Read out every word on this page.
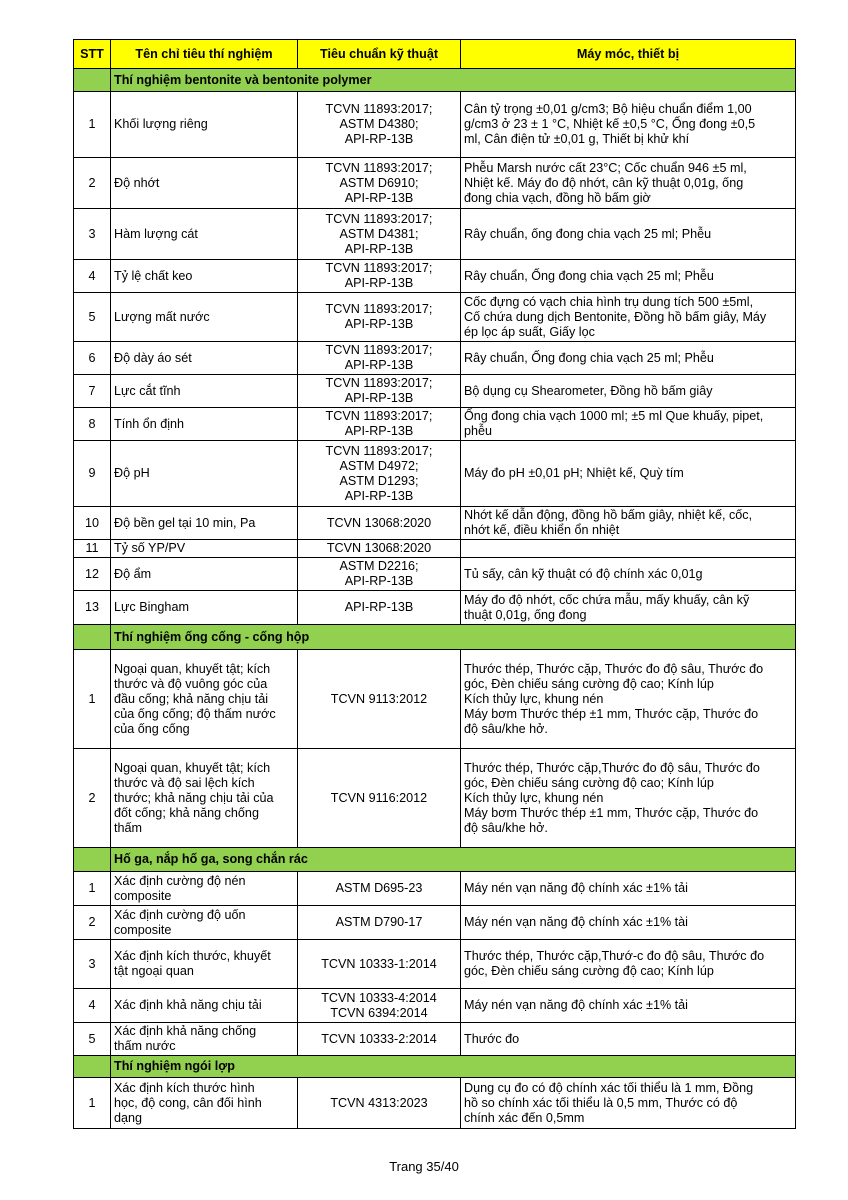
STT	Tên chỉ tiêu thí nghiệm	Tiêu chuẩn kỹ thuật	Máy móc, thiết bị
	Thí nghiệm bentonite và bentonite polymer		
1	Khối lượng riêng	TCVN 11893:2017;
ASTM D4380;
API-RP-13B	Cân tỷ trọng ±0,01 g/cm3; Bộ hiệu chuẩn điểm 1,00
g/cm3 ở 23 ± 1 °C, Nhiệt kế ±0,5 °C, Ống đong ±0,5
ml, Cân điện tử ±0,01 g, Thiết bị khử khí

2	Độ nhớt	TCVN 11893:2017;
ASTM D6910;
API-RP-13B	Phễu Marsh nước cất 23°C; Cốc chuẩn 946 ±5 ml,
Nhiệt kế. Máy đo độ nhớt, cân kỹ thuật 0,01g, ống
đong chia vạch, đồng hồ bấm giờ

3	Hàm lượng cát	TCVN 11893:2017;
ASTM D4381;
API-RP-13B	Rây chuẩn, ống đong chia vạch 25 ml; Phễu

4	Tỷ lệ chất keo	TCVN 11893:2017;
API-RP-13B	Rây chuẩn, Ống đong chia vạch 25 ml; Phễu

5	Lượng mất nước	TCVN 11893:2017;
API-RP-13B	Cốc đựng có vạch chia hình trụ dung tích 500 ±5ml,
Cố chứa dung dịch Bentonite, Đồng hồ bấm giây, Máy
ép lọc áp suất, Giấy lọc

6	Độ dày áo sét	TCVN 11893:2017;
API-RP-13B	Rây chuẩn, Ống đong chia vạch 25 ml; Phễu

7	Lực cắt tĩnh	TCVN 11893:2017;
API-RP-13B	Bộ dụng cụ Shearometer, Đồng hồ bấm giây

8	Tính ổn định	TCVN 11893:2017;
API-RP-13B	Ống đong chia vạch 1000 ml; ±5 ml Que khuấy, pipet,
phễu

9	Độ pH	TCVN 11893:2017;
ASTM D4972;
ASTM D1293;
API-RP-13B	Máy đo pH ±0,01 pH; Nhiệt kế, Quỳ tím

10	Độ bền gel tại 10 min, Pa	TCVN 13068:2020	Nhớt kế dẫn động, đồng hồ bấm giây, nhiệt kế, cốc,
nhớt kế, điều khiển ổn nhiệt

11	Tỷ số YP/PV	TCVN 13068:2020	

12	Độ ẩm	ASTM D2216;
API-RP-13B	Tủ sấy, cân kỹ thuật có độ chính xác 0,01g

13	Lực Bingham	API-RP-13B	Máy đo độ nhớt, cốc chứa mẫu, mấy khuấy, cân kỹ
thuật 0,01g, ống đong

	Thí nghiệm ống cống - cống hộp		
1	Ngoại quan, khuyết tật; kích
thước và độ vuông góc của
đầu cống; khả năng chịu tải
của ống cống; độ thấm nước
của ống cống	TCVN 9113:2012	Thước thép, Thước cặp, Thước đo độ sâu, Thước đo
góc, Đèn chiếu sáng cường độ cao; Kính lúp
Kích thủy lực, khung nén
Máy bơm Thước thép ±1 mm, Thước cặp, Thước đo
độ sâu/khe hở.

2	Ngoại quan, khuyết tật; kích
thước và độ sai lệch kích
thước; khả năng chịu tải của
đốt cống; khả năng chống
thấm	TCVN 9116:2012	Thước thép, Thước cặp,Thước đo độ sâu, Thước đo
góc, Đèn chiếu sáng cường độ cao; Kính lúp
Kích thủy lực, khung nén
Máy bơm Thước thép ±1 mm, Thước cặp, Thước đo
độ sâu/khe hở.

	Hố ga, nắp hố ga, song chắn rác		
1	Xác định cường độ nén
composite	ASTM D695-23	Máy nén vạn năng độ chính xác ±1% tải

2	Xác định cường độ uốn
composite	ASTM D790-17	Máy nén vạn năng độ chính xác ±1% tài

3	Xác định kích thước, khuyết
tật ngoại quan	TCVN 10333-1:2014	Thước thép, Thước cặp,Thướ-c đo độ sâu, Thước đo
góc, Đèn chiếu sáng cường độ cao; Kính lúp

4	Xác định khả năng chịu tải	TCVN 10333-4:2014
TCVN 6394:2014	Máy nén vạn năng độ chính xác ±1% tải

5	Xác định khả năng chống
thấm nước	TCVN 10333-2:2014	Thước đo

	Thí nghiệm ngói lợp		
1	Xác định kích thước hình
học, độ cong, cân đối hình
dạng	TCVN 4313:2023	Dụng cụ đo có độ chính xác tối thiểu là 1 mm, Đồng
hồ so chính xác tối thiểu là 0,5 mm, Thước có độ
chính xác đến 0,5mm
Trang 35/40
